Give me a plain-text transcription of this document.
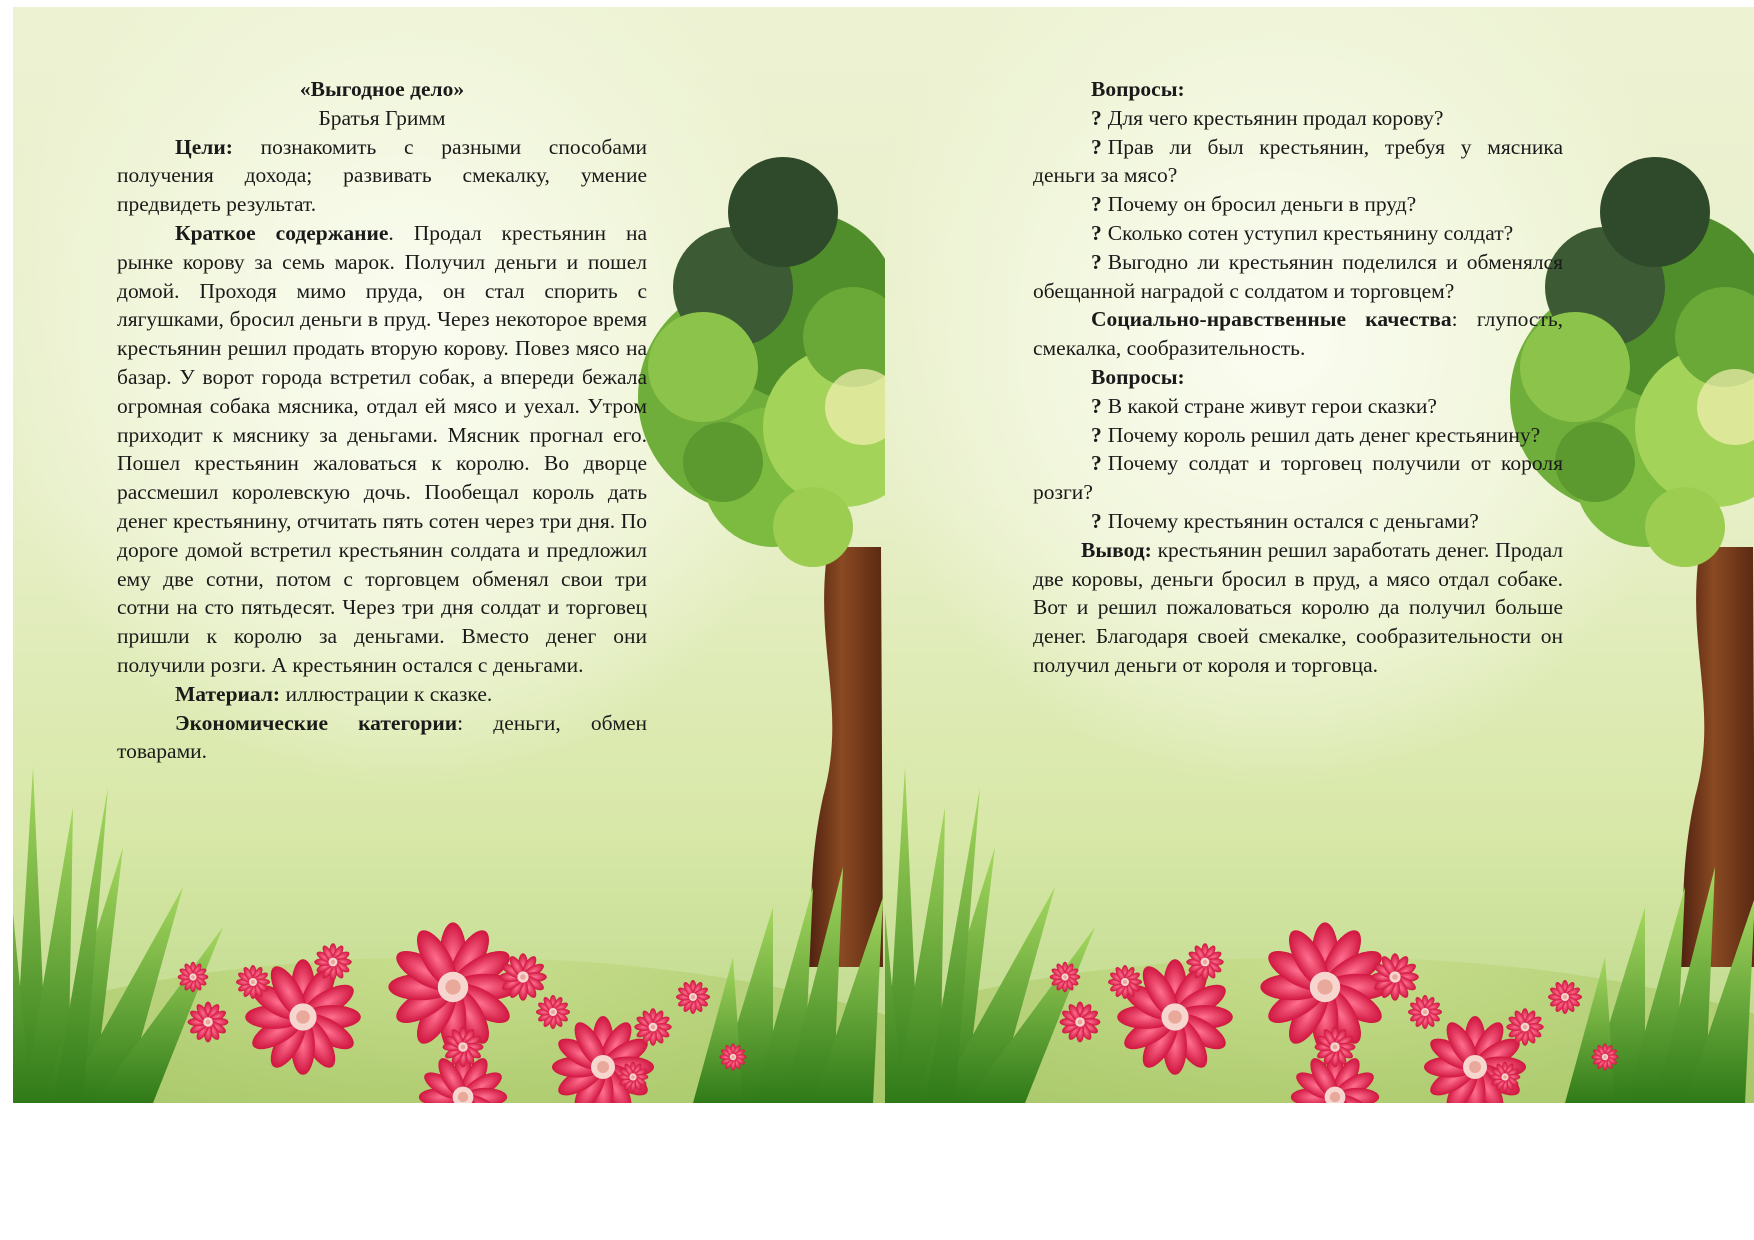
«Выгодное дело»

Братья Гримм

Цели: познакомить с разными способами получения дохода; развивать смекалку, умение предвидеть результат.

Краткое содержание. Продал крестьянин на рынке корову за семь марок. Получил деньги и пошел домой. Проходя мимо пруда, он стал спорить с лягушками, бросил деньги в пруд. Через некоторое время крестьянин решил продать вторую корову. Повез мясо на базар. У ворот города встретил собак, а впереди бежала огромная собака мясника, отдал ей мясо и уехал. Утром приходит к мяснику за деньгами. Мясник прогнал его. Пошел крестьянин жаловаться к королю. Во дворце рассмешил королевскую дочь. Пообещал король дать денег крестьянину, отчитать пять сотен через три дня. По дороге домой встретил крестьянин солдата и предложил ему две сотни, потом с торговцем обменял свои три сотни на сто пятьдесят. Через три дня солдат и торговец пришли к королю за деньгами. Вместо денег они получили розги. А крестьянин остался с деньгами.

Материал: иллюстрации к сказке.

Экономические категории: деньги, обмен товарами.

Вопросы:

? Для чего крестьянин продал корову?

? Прав ли был крестьянин, требуя у мясника деньги за мясо?

? Почему он бросил деньги в пруд?

? Сколько сотен уступил крестьянину солдат?

? Выгодно ли крестьянин поделился и обменялся обещанной наградой с солдатом и торговцем?

Социально-нравственные качества: глупость, смекалка, сообразительность.

Вопросы:

? В какой стране живут герои сказки?

? Почему король решил дать денег крестьянину?

? Почему солдат и торговец получили от короля розги?

? Почему крестьянин остался с деньгами?

Вывод: крестьянин решил заработать денег. Продал две коровы, деньги бросил в пруд, а мясо отдал собаке. Вот и решил пожаловаться королю да получил больше денег. Благодаря своей смекалке, сообразительности он получил деньги от короля и торговца.
